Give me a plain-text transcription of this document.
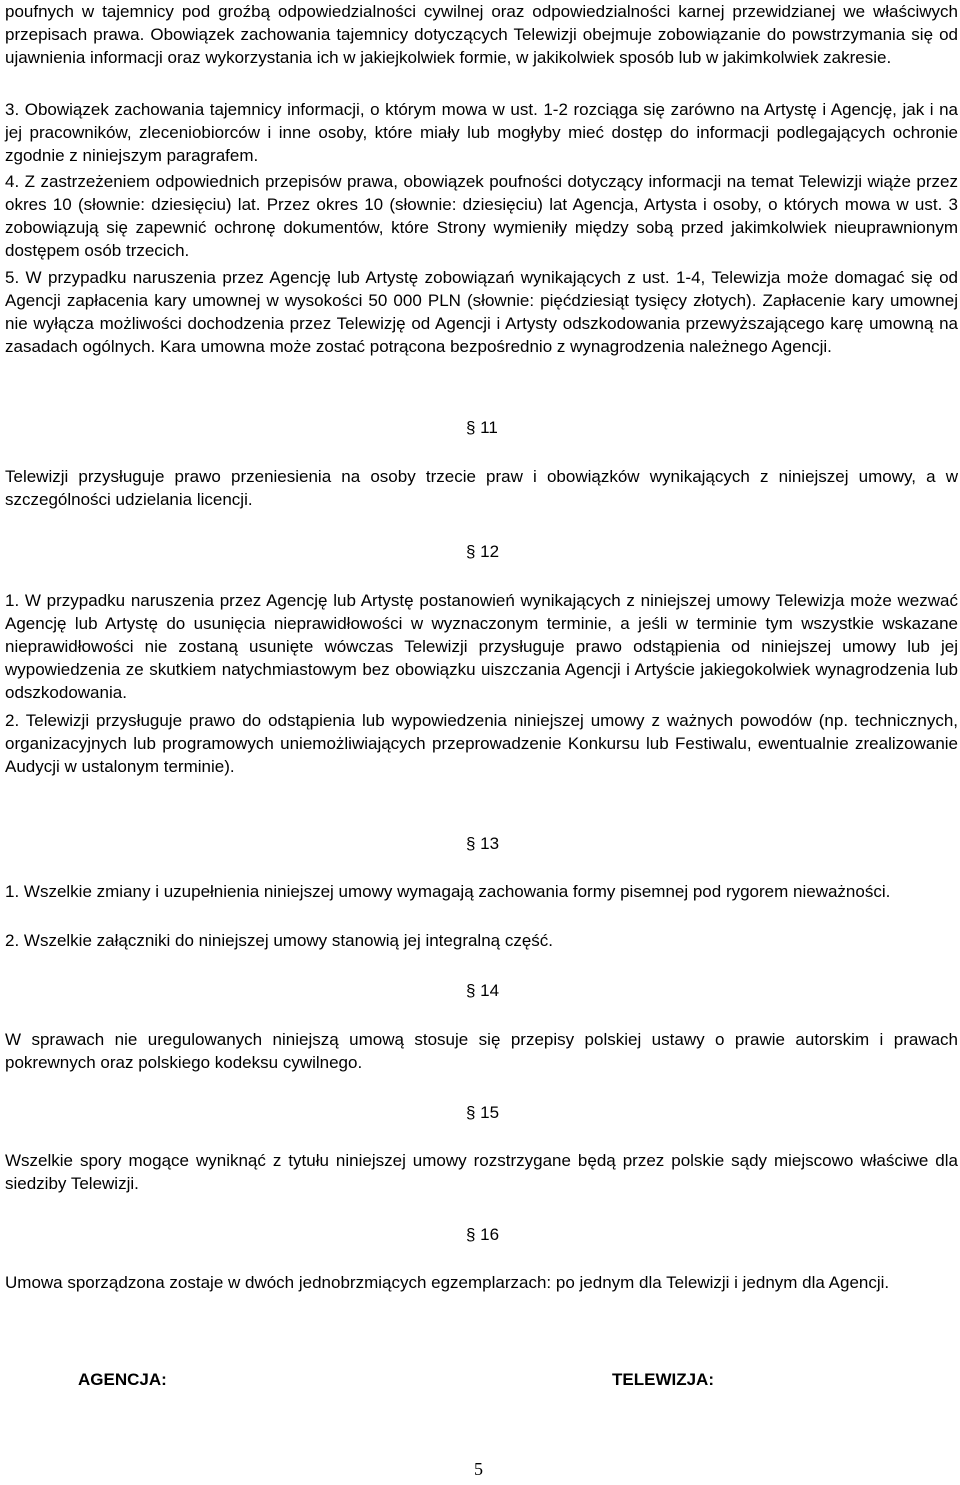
poufnych w tajemnicy pod groźbą odpowiedzialności cywilnej oraz odpowiedzialności karnej przewidzianej we właściwych przepisach prawa. Obowiązek zachowania tajemnicy dotyczących Telewizji obejmuje zobowiązanie do powstrzymania się od ujawnienia informacji oraz wykorzystania ich w jakiejkolwiek formie, w jakikolwiek sposób lub w jakimkolwiek zakresie.
3. Obowiązek zachowania tajemnicy informacji, o którym mowa w ust. 1-2 rozciąga się zarówno na Artystę i Agencję, jak i na jej pracowników, zleceniobiorców i inne osoby, które miały lub mogłyby mieć dostęp do informacji podlegających ochronie zgodnie z niniejszym paragrafem.
4. Z zastrzeżeniem odpowiednich przepisów prawa, obowiązek poufności dotyczący informacji na temat Telewizji wiąże przez okres 10 (słownie: dziesięciu) lat. Przez okres 10 (słownie: dziesięciu) lat Agencja, Artysta i osoby, o których mowa w ust. 3 zobowiązują się zapewnić ochronę dokumentów, które Strony wymieniły między sobą przed jakimkolwiek nieuprawnionym dostępem osób trzecich.
5. W przypadku naruszenia przez Agencję lub Artystę zobowiązań wynikających z ust. 1-4, Telewizja może domagać się od Agencji zapłacenia kary umownej w wysokości 50 000 PLN (słownie: pięćdziesiąt tysięcy złotych). Zapłacenie kary umownej nie wyłącza możliwości dochodzenia przez Telewizję od Agencji i Artysty odszkodowania przewyższającego karę umowną na zasadach ogólnych. Kara umowna może zostać potrącona bezpośrednio z wynagrodzenia należnego Agencji.
§ 11
Telewizji przysługuje prawo przeniesienia na osoby trzecie praw i obowiązków wynikających z niniejszej umowy, a w szczególności udzielania licencji.
§ 12
1. W przypadku naruszenia przez Agencję lub Artystę postanowień wynikających z niniejszej umowy Telewizja może wezwać Agencję lub Artystę do usunięcia nieprawidłowości w wyznaczonym terminie, a jeśli w terminie tym wszystkie wskazane nieprawidłowości nie zostaną usunięte wówczas Telewizji przysługuje prawo odstąpienia od niniejszej umowy lub jej wypowiedzenia ze skutkiem natychmiastowym bez obowiązku uiszczania Agencji i Artyście jakiegokolwiek wynagrodzenia lub odszkodowania.
2. Telewizji przysługuje prawo do odstąpienia lub wypowiedzenia niniejszej umowy z ważnych powodów (np. technicznych, organizacyjnych lub programowych uniemożliwiających przeprowadzenie Konkursu lub Festiwalu, ewentualnie zrealizowanie Audycji w ustalonym terminie).
§ 13
1. Wszelkie zmiany i uzupełnienia niniejszej umowy wymagają zachowania formy pisemnej pod rygorem nieważności.
2. Wszelkie załączniki do niniejszej umowy stanowią jej integralną część.
§ 14
W sprawach nie uregulowanych niniejszą umową stosuje się przepisy polskiej ustawy o prawie autorskim i prawach pokrewnych oraz polskiego kodeksu cywilnego.
§ 15
Wszelkie spory mogące wyniknąć z tytułu niniejszej umowy rozstrzygane będą przez polskie sądy miejscowo właściwe dla siedziby Telewizji.
§ 16
Umowa sporządzona zostaje w dwóch jednobrzmiących egzemplarzach: po jednym dla Telewizji i jednym dla Agencji.
AGENCJA:	TELEWIZJA:
5
